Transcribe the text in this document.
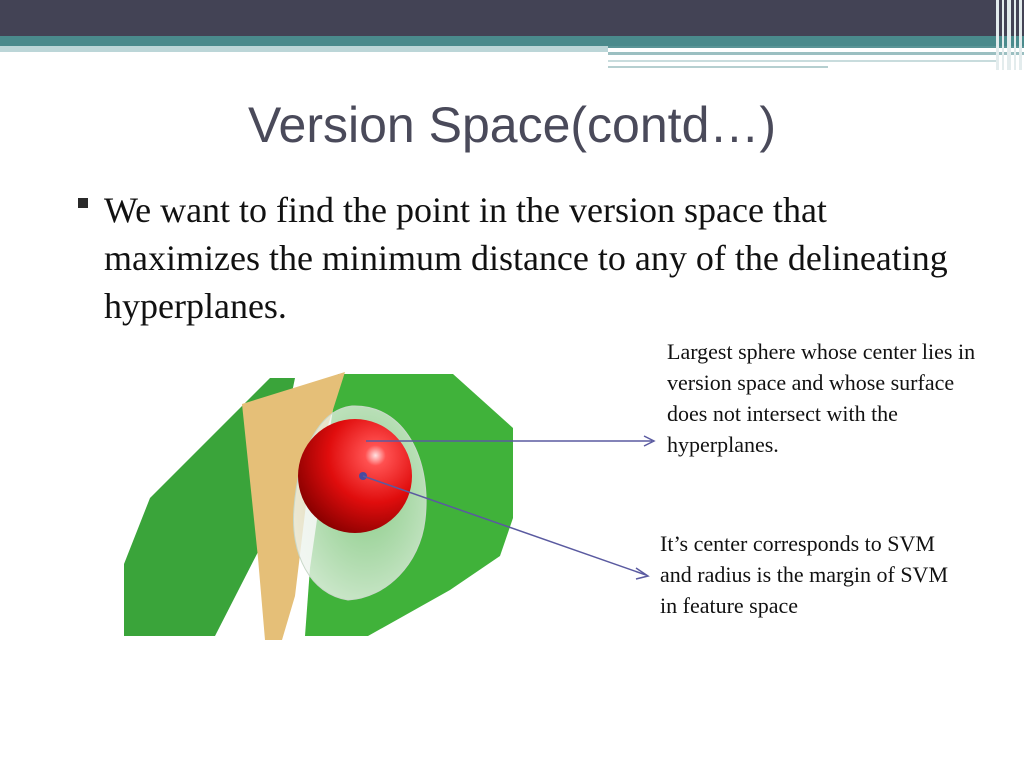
Version Space(contd…)
We want to find the point in the version space that maximizes the minimum distance to any of the delineating hyperplanes.
Largest sphere whose center lies in version space and whose surface does not intersect with the hyperplanes.
It’s center corresponds to SVM and radius is the margin of SVM in feature space
